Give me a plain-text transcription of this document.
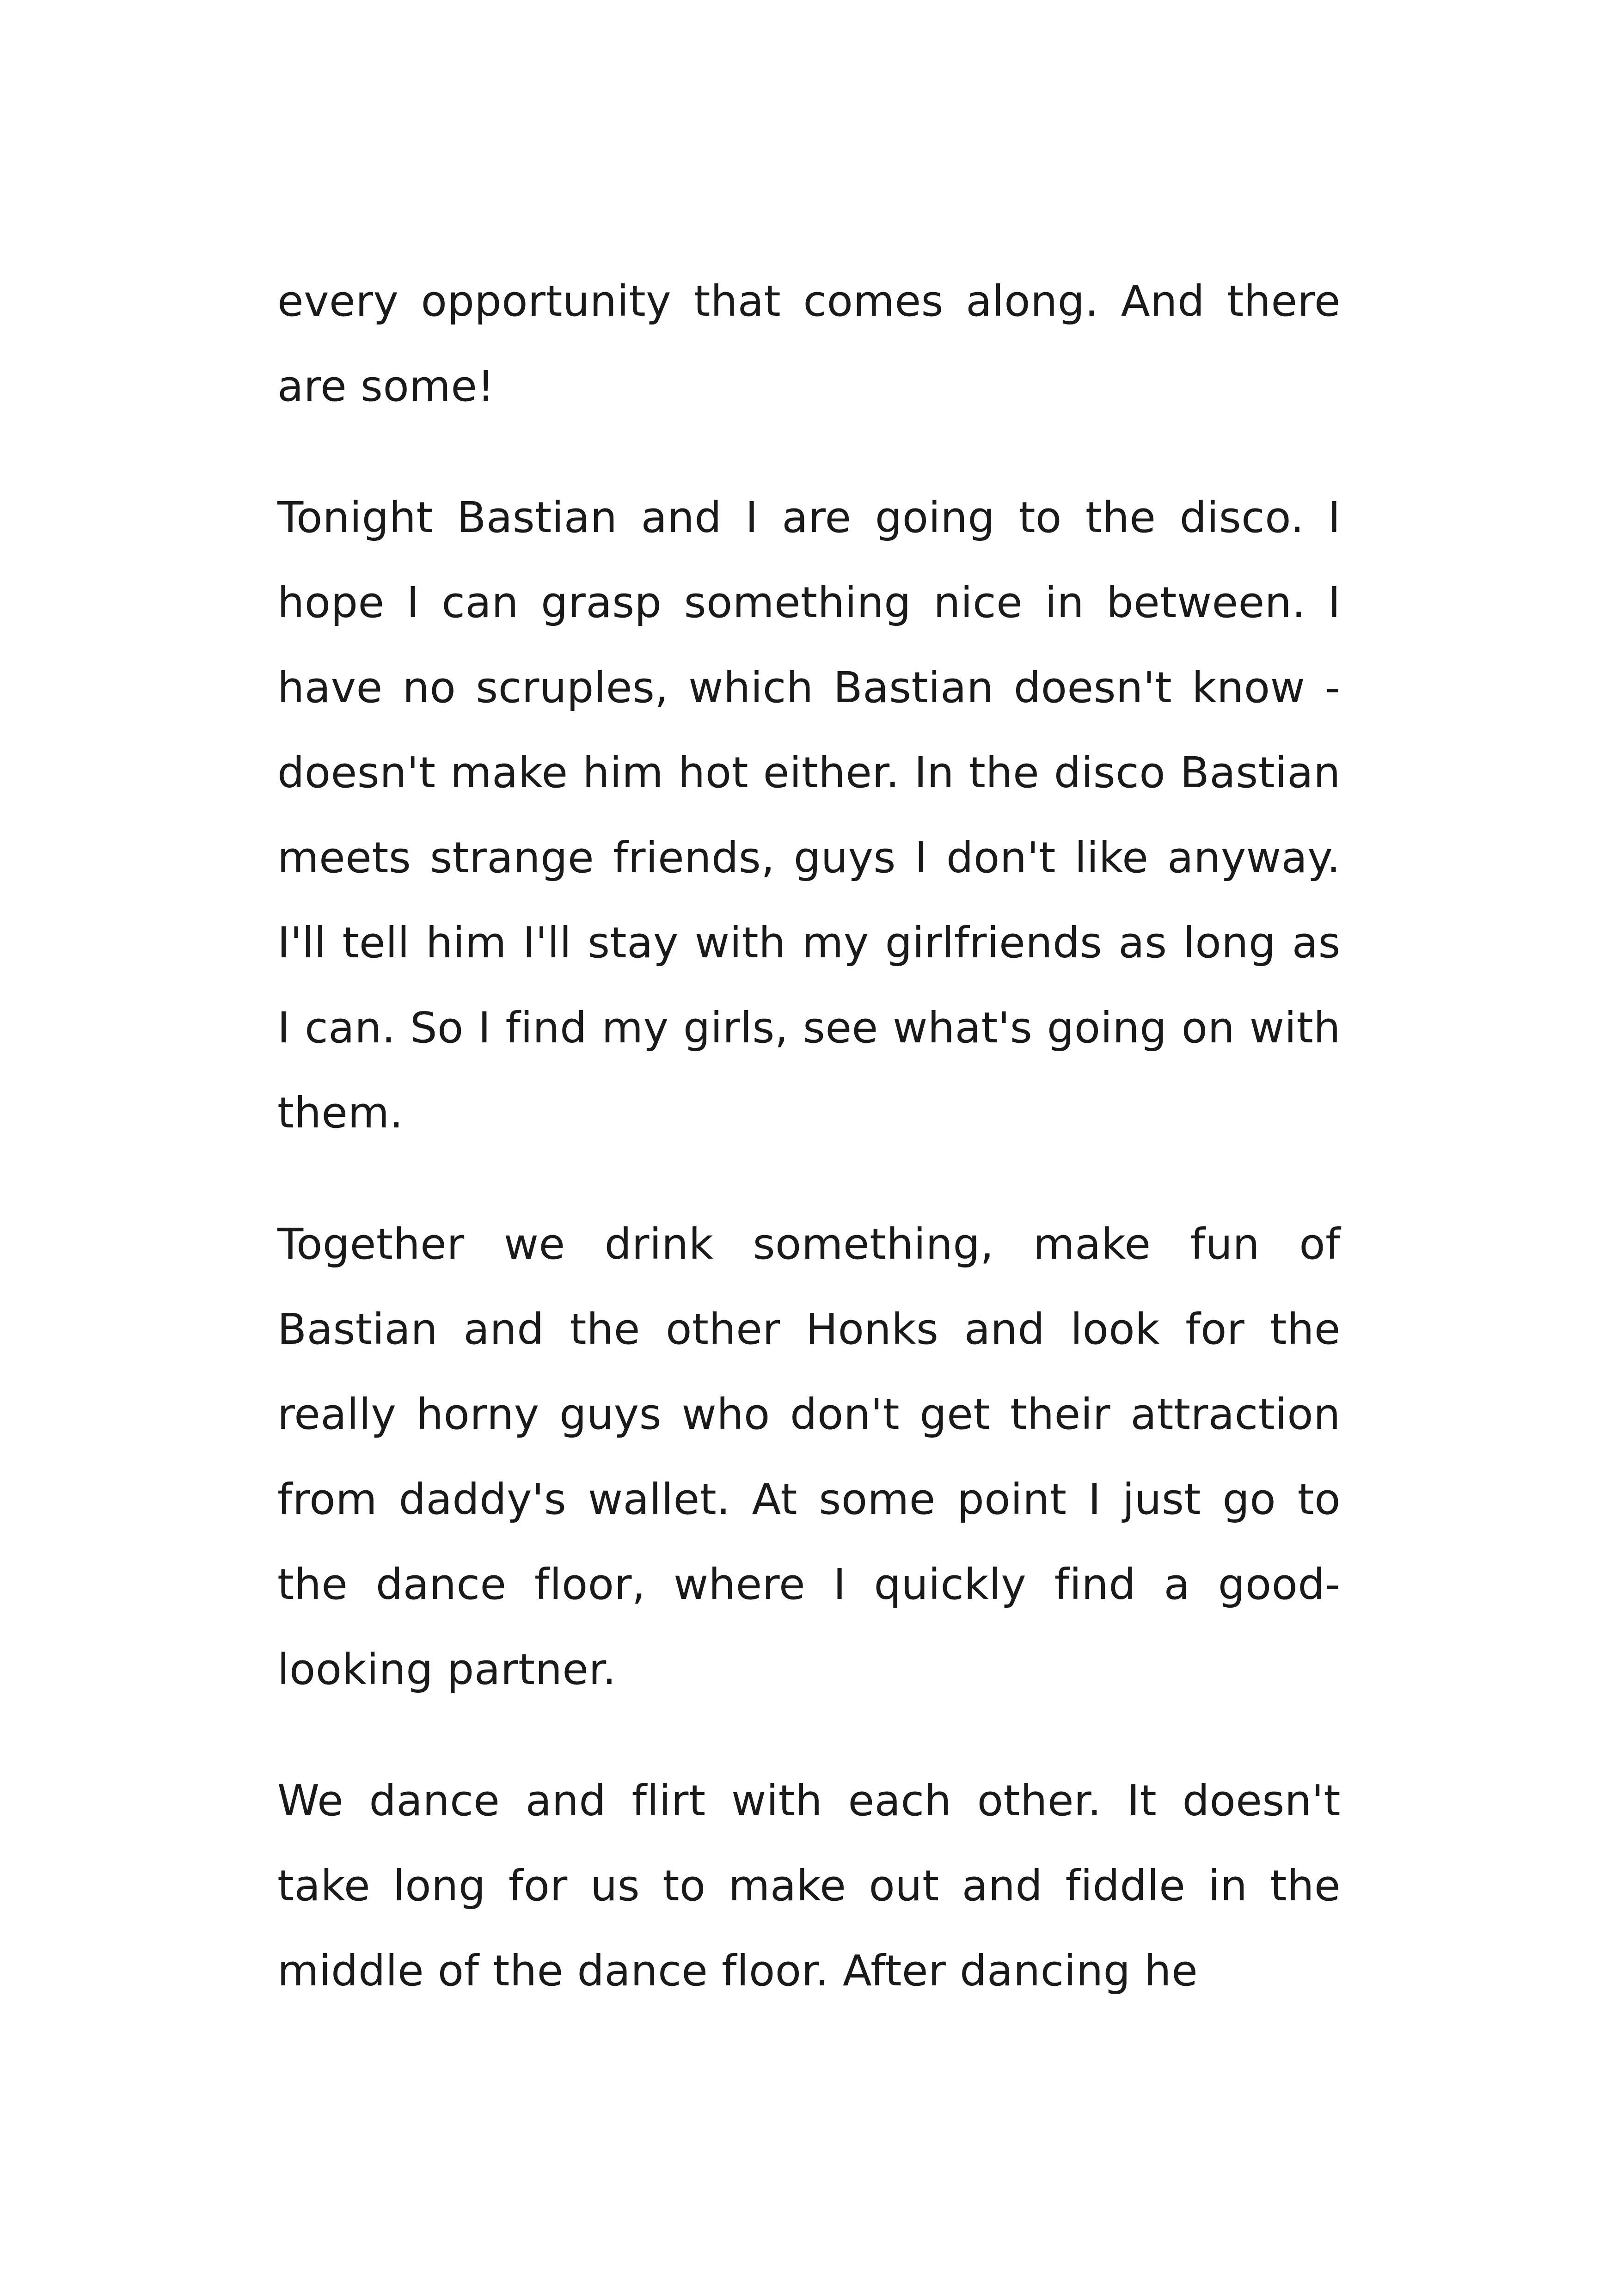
every opportunity that comes along. And there are some!

Tonight Bastian and I are going to the disco. I hope I can grasp something nice in between. I have no scruples, which Bastian doesn't know - doesn't make him hot either. In the disco Bastian meets strange friends, guys I don't like anyway. I'll tell him I'll stay with my girlfriends as long as I can. So I find my girls, see what's going on with them.

Together we drink something, make fun of Bastian and the other Honks and look for the really horny guys who don't get their attraction from daddy's wallet. At some point I just go to the dance floor, where I quickly find a good-looking partner.

We dance and flirt with each other. It doesn't take long for us to make out and fiddle in the middle of the dance floor. After dancing he
